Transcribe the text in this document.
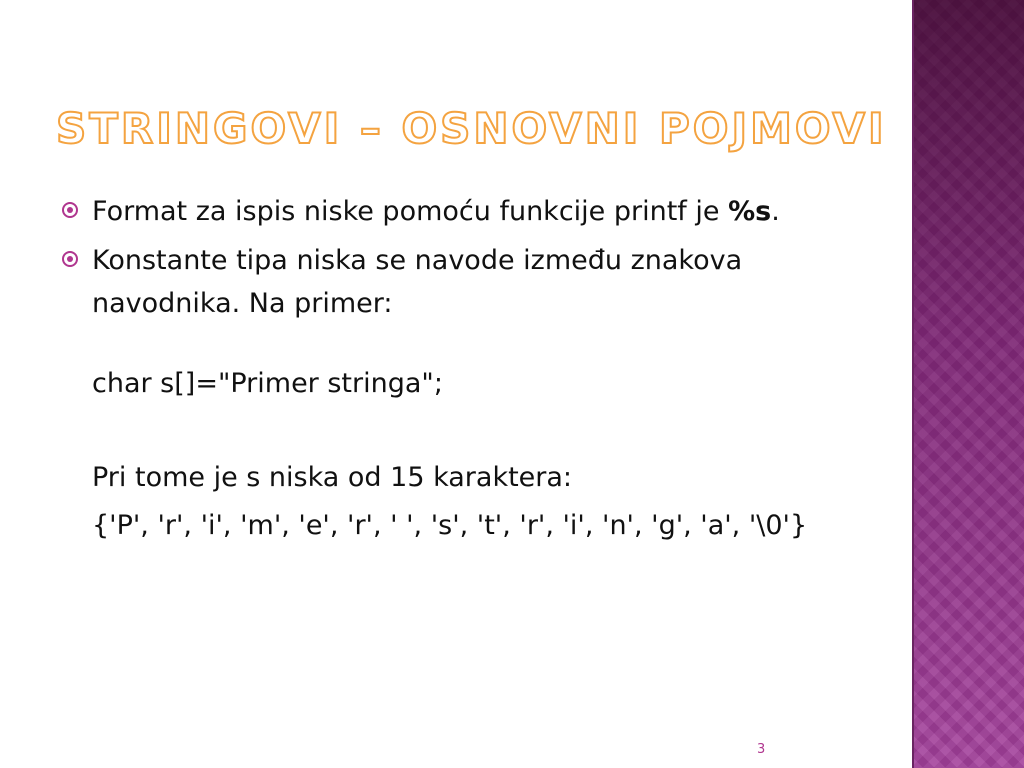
STRINGOVI – OSNOVNI POJMOVI
Format za ispis niske pomoću funkcije printf je %s.
Konstante tipa niska se navode između znakova navodnika. Na primer:
char s[]="Primer stringa";
Pri tome je s niska od 15 karaktera:
{'P', 'r', 'i', 'm', 'e', 'r', ' ', 's', 't', 'r', 'i', 'n', 'g', 'a', '\0'}
3
